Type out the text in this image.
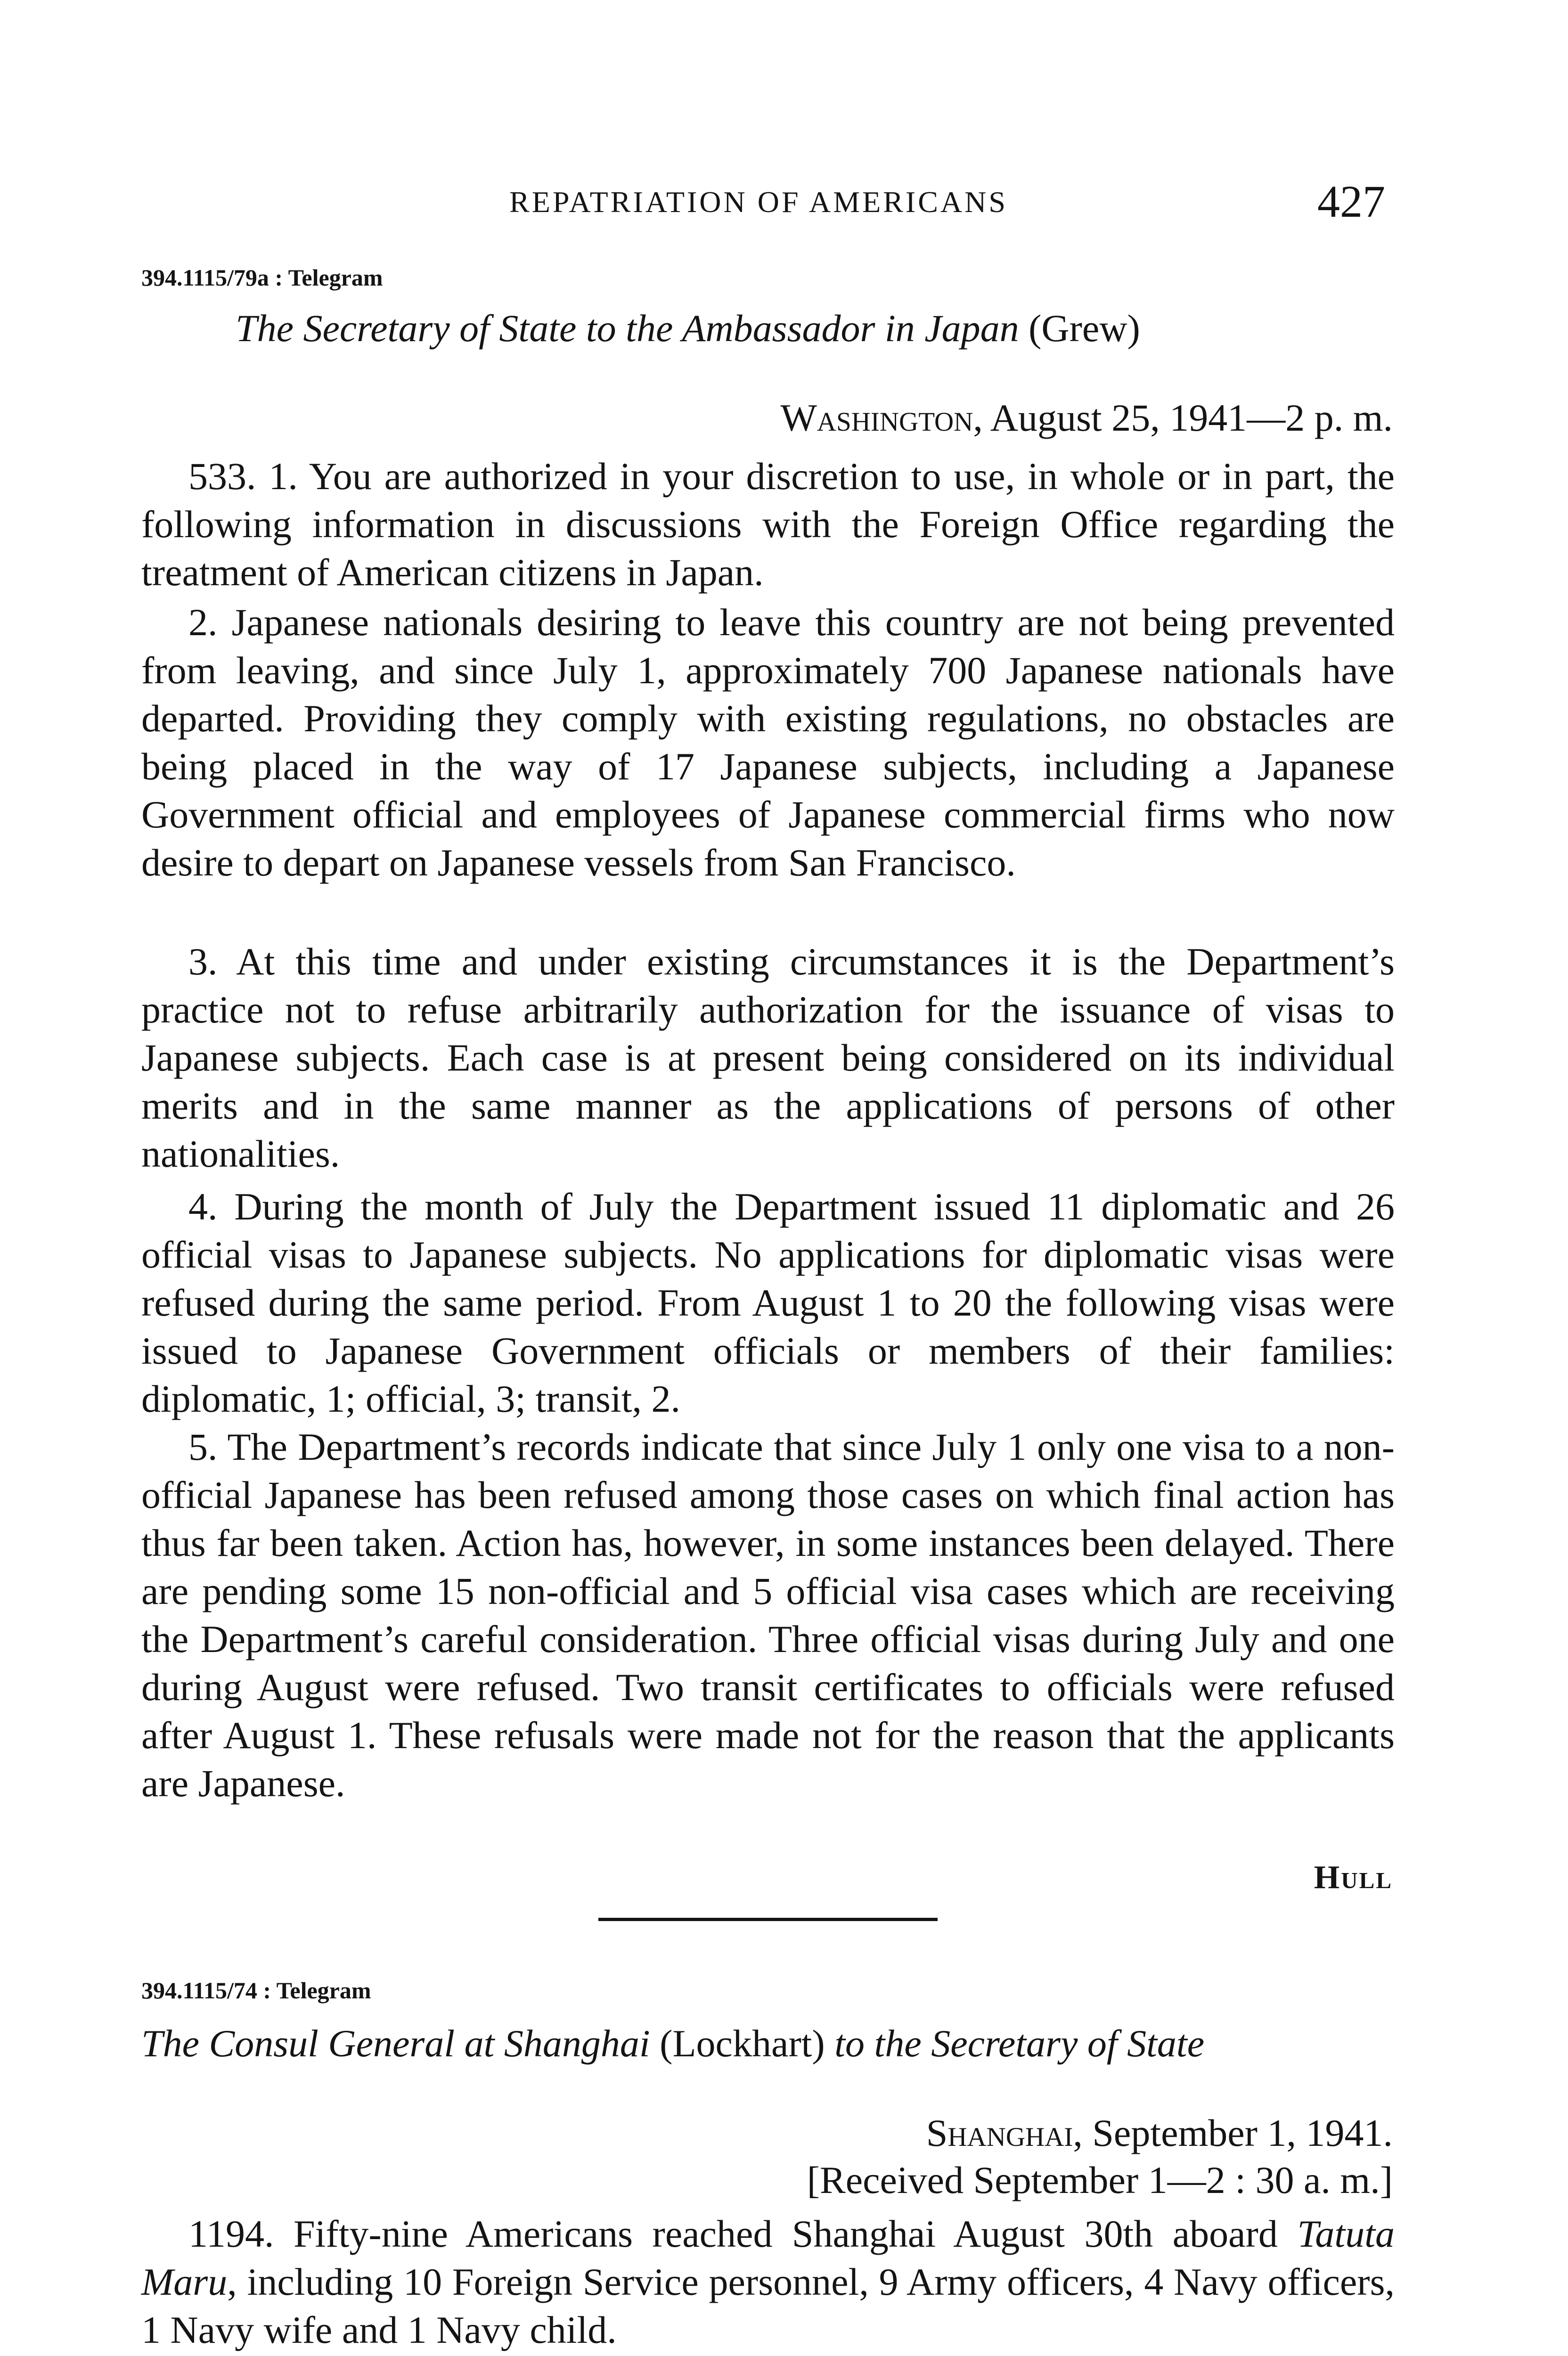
REPATRIATION OF AMERICANS	427
394.1115/79a : Telegram
The Secretary of State to the Ambassador in Japan (Grew)
Washington, August 25, 1941—2 p. m.

533. 1. You are authorized in your discretion to use, in whole or in part, the following information in discussions with the Foreign Office regarding the treatment of American citizens in Japan.

2. Japanese nationals desiring to leave this country are not being prevented from leaving, and since July 1, approximately 700 Japanese nationals have departed. Providing they comply with existing regulations, no obstacles are being placed in the way of 17 Japanese subjects, including a Japanese Government official and employees of Japanese commercial firms who now desire to depart on Japanese vessels from San Francisco.

3. At this time and under existing circumstances it is the Department’s practice not to refuse arbitrarily authorization for the issuance of visas to Japanese subjects. Each case is at present being considered on its individual merits and in the same manner as the applications of persons of other nationalities.

4. During the month of July the Department issued 11 diplomatic and 26 official visas to Japanese subjects. No applications for diplomatic visas were refused during the same period. From August 1 to 20 the following visas were issued to Japanese Government officials or members of their families: diplomatic, 1; official, 3; transit, 2.

5. The Department’s records indicate that since July 1 only one visa to a non-official Japanese has been refused among those cases on which final action has thus far been taken. Action has, however, in some instances been delayed. There are pending some 15 non-official and 5 official visa cases which are receiving the Department’s careful consideration. Three official visas during July and one during August were refused. Two transit certificates to officials were refused after August 1. These refusals were made not for the reason that the applicants are Japanese.

Hull
394.1115/74 : Telegram
The Consul General at Shanghai (Lockhart) to the Secretary of State
Shanghai, September 1, 1941.
[Received September 1—2 : 30 a. m.]

1194. Fifty-nine Americans reached Shanghai August 30th aboard Tatuta Maru, including 10 Foreign Service personnel, 9 Army officers, 4 Navy officers, 1 Navy wife and 1 Navy child.
